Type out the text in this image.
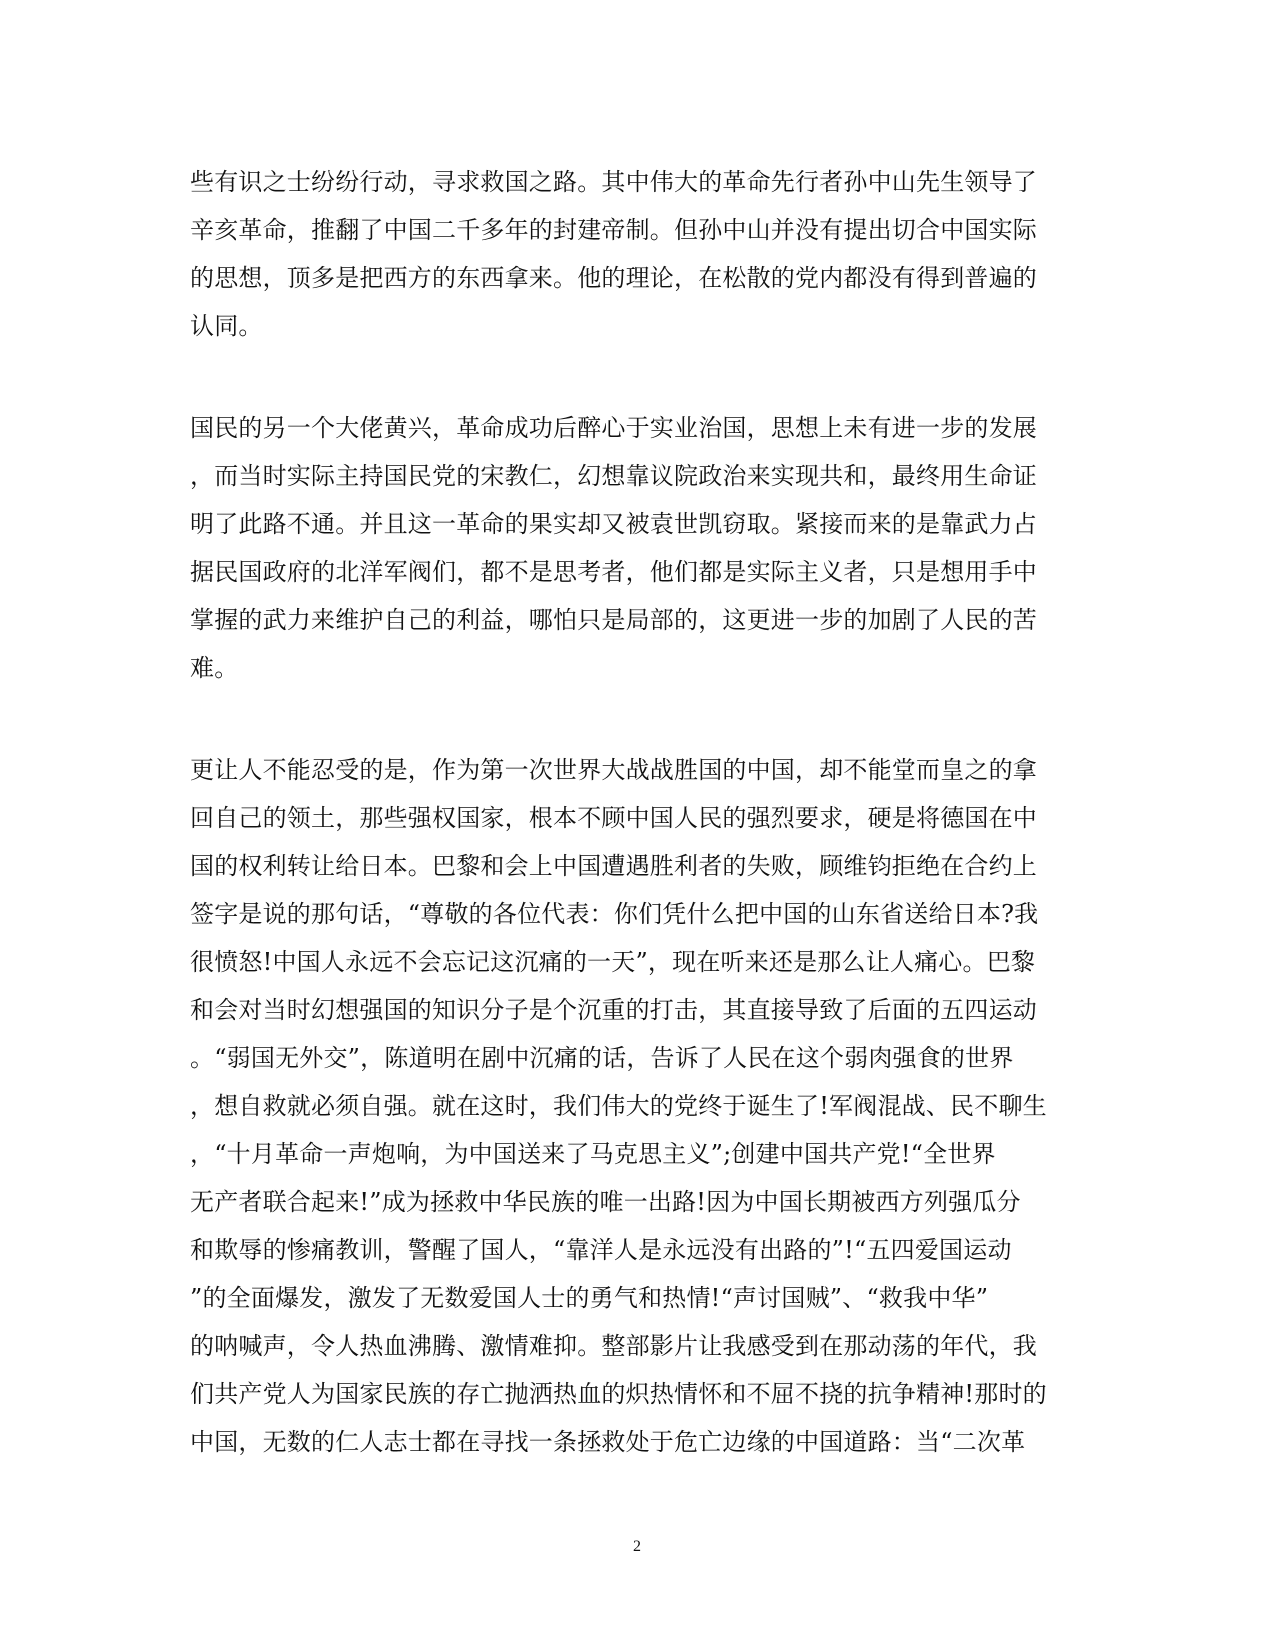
些有识之士纷纷行动，寻求救国之路。其中伟大的革命先行者孙中山先生领导了
辛亥革命，推翻了中国二千多年的封建帝制。但孙中山并没有提出切合中国实际
的思想，顶多是把西方的东西拿来。他的理论，在松散的党内都没有得到普遍的
认同。

国民的另一个大佬黄兴，革命成功后醉心于实业治国，思想上未有进一步的发展
，而当时实际主持国民党的宋教仁，幻想靠议院政治来实现共和，最终用生命证
明了此路不通。并且这一革命的果实却又被袁世凯窃取。紧接而来的是靠武力占
据民国政府的北洋军阀们，都不是思考者，他们都是实际主义者，只是想用手中
掌握的武力来维护自己的利益，哪怕只是局部的，这更进一步的加剧了人民的苦
难。

更让人不能忍受的是，作为第一次世界大战战胜国的中国，却不能堂而皇之的拿
回自己的领土，那些强权国家，根本不顾中国人民的强烈要求，硬是将德国在中
国的权利转让给日本。巴黎和会上中国遭遇胜利者的失败，顾维钧拒绝在合约上
签字是说的那句话，“尊敬的各位代表：你们凭什么把中国的山东省送给日本?我
很愤怒!中国人永远不会忘记这沉痛的一天”，现在听来还是那么让人痛心。巴黎
和会对当时幻想强国的知识分子是个沉重的打击，其直接导致了后面的五四运动
。“弱国无外交”，陈道明在剧中沉痛的话，告诉了人民在这个弱肉强食的世界
，想自救就必须自强。就在这时，我们伟大的党终于诞生了!军阀混战、民不聊生
，“十月革命一声炮响，为中国送来了马克思主义”;创建中国共产党!“全世界
无产者联合起来!”成为拯救中华民族的唯一出路!因为中国长期被西方列强瓜分
和欺辱的惨痛教训，警醒了国人，“靠洋人是永远没有出路的”!“五四爱国运动
”的全面爆发，激发了无数爱国人士的勇气和热情!“声讨国贼”、“救我中华”
的呐喊声，令人热血沸腾、激情难抑。整部影片让我感受到在那动荡的年代，我
们共产党人为国家民族的存亡抛洒热血的炽热情怀和不屈不挠的抗争精神!那时的
中国，无数的仁人志士都在寻找一条拯救处于危亡边缘的中国道路：当“二次革

2
